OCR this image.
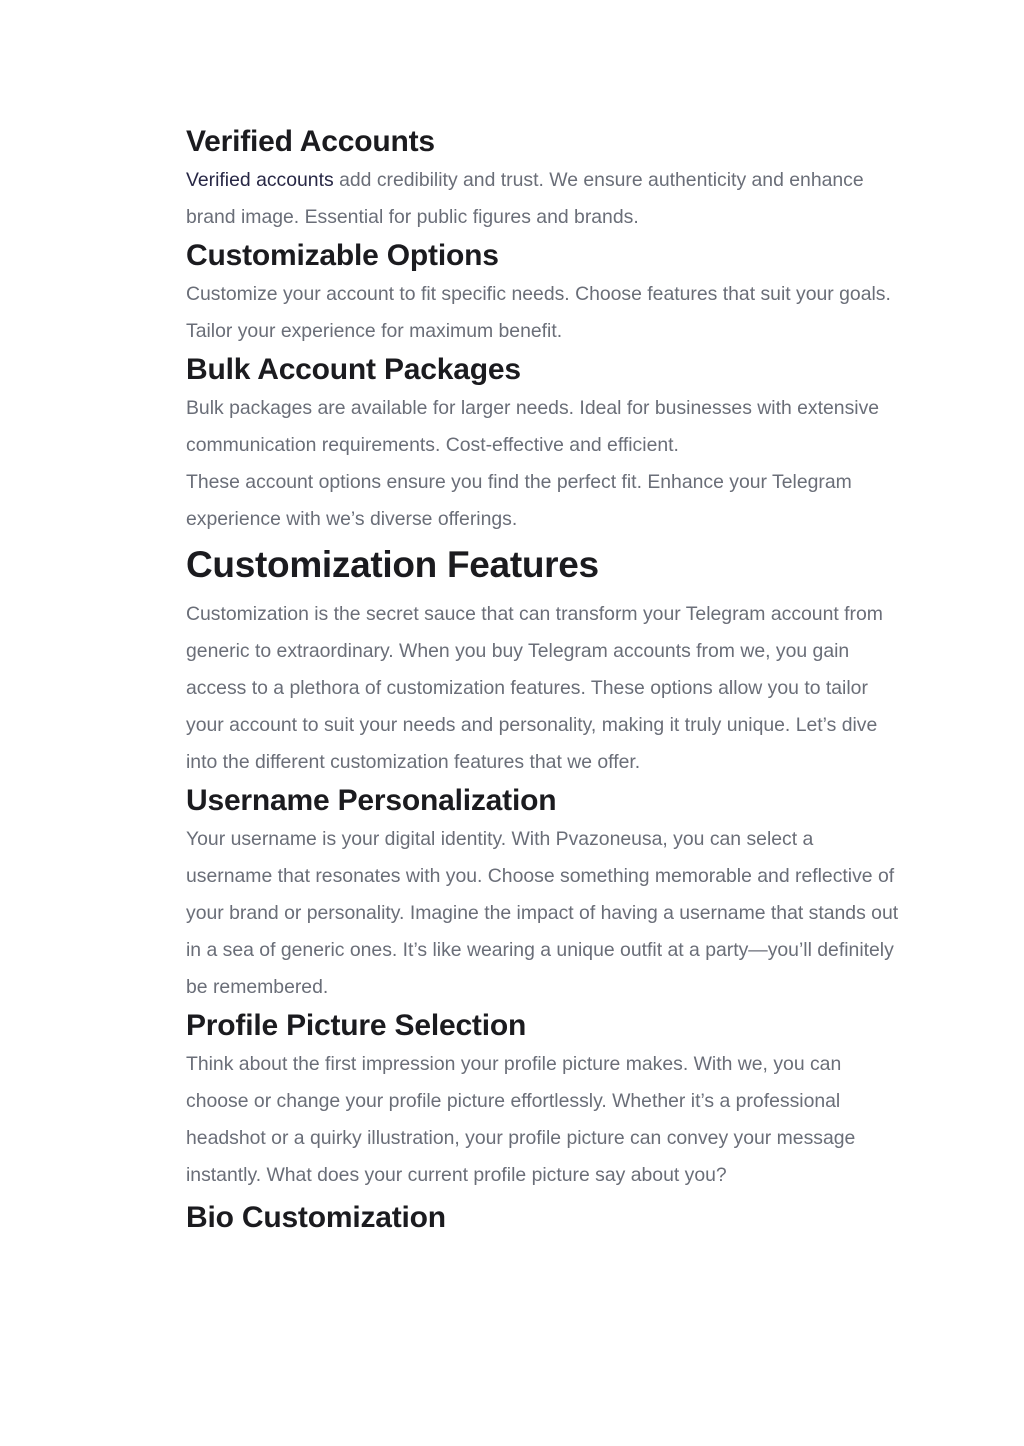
Verified Accounts

Verified accounts add credibility and trust. We ensure authenticity and enhance brand image. Essential for public figures and brands.

Customizable Options

Customize your account to fit specific needs. Choose features that suit your goals. Tailor your experience for maximum benefit.

Bulk Account Packages

Bulk packages are available for larger needs. Ideal for businesses with extensive communication requirements. Cost-effective and efficient.

These account options ensure you find the perfect fit. Enhance your Telegram experience with we’s diverse offerings.

Customization Features

Customization is the secret sauce that can transform your Telegram account from generic to extraordinary. When you buy Telegram accounts from we, you gain access to a plethora of customization features. These options allow you to tailor your account to suit your needs and personality, making it truly unique. Let’s dive into the different customization features that we offer.

Username Personalization

Your username is your digital identity. With Pvazoneusa, you can select a username that resonates with you. Choose something memorable and reflective of your brand or personality. Imagine the impact of having a username that stands out in a sea of generic ones. It’s like wearing a unique outfit at a party—you’ll definitely be remembered.

Profile Picture Selection

Think about the first impression your profile picture makes. With we, you can choose or change your profile picture effortlessly. Whether it’s a professional headshot or a quirky illustration, your profile picture can convey your message instantly. What does your current profile picture say about you?

Bio Customization
